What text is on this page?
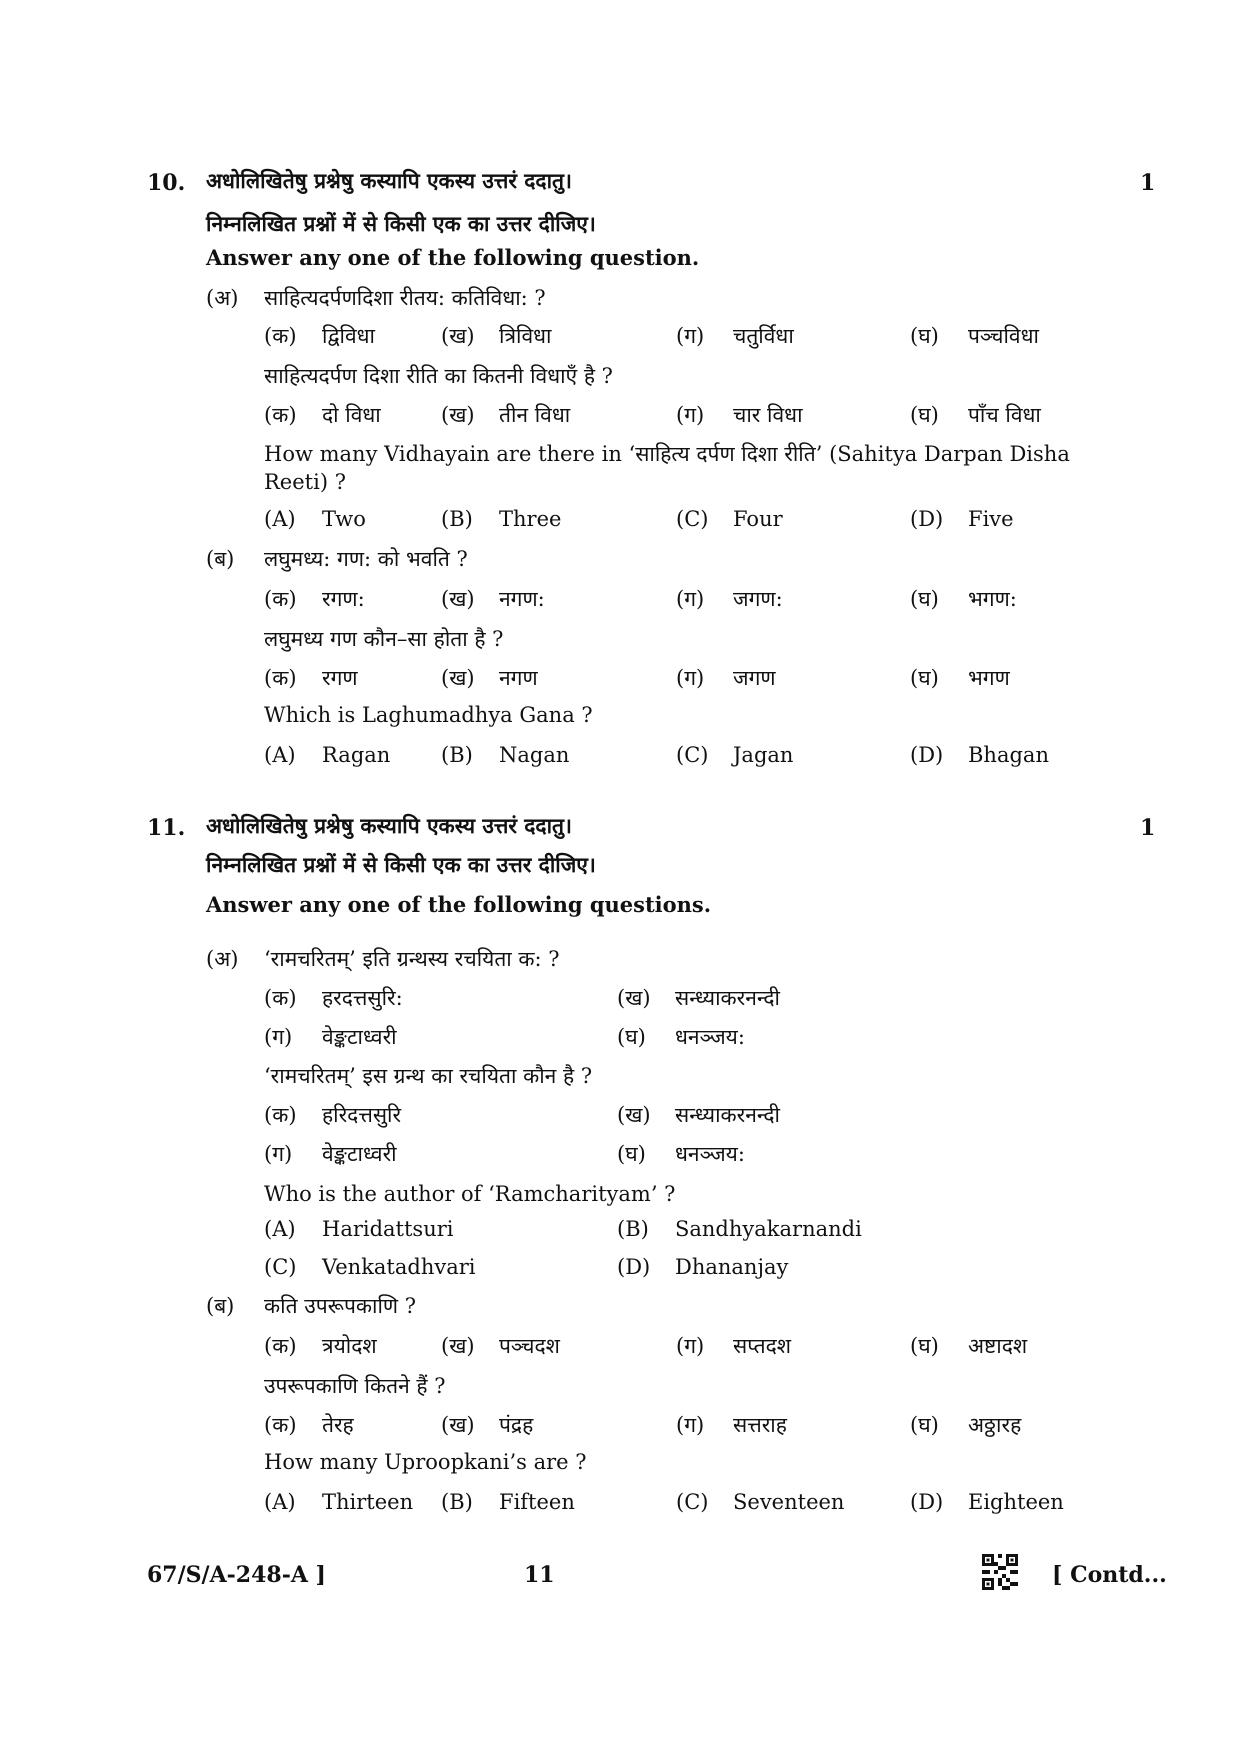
10.	1
अधोलिखितेषु प्रश्नेषु कस्यापि एकस्य उत्तरं ददातु।
निम्नलिखित प्रश्नों में से किसी एक का उत्तर दीजिए।
Answer any one of the following question.
(अ) साहित्यदर्पणदिशा रीतय: कतिविधा: ?
(क) द्विविधा	(ख) त्रिविधा	(ग) चतुर्विधा	(घ) पञ्चविधा
साहित्यदर्पण दिशा रीति का कितनी विधाएँ है ?
(क) दो विधा	(ख) तीन विधा	(ग) चार विधा	(घ) पाँच विधा
How many Vidhayain are there in ‘साहित्य दर्पण दिशा रीति’ (Sahitya Darpan Disha
Reeti) ?
(A) Two	(B) Three	(C) Four	(D) Five
(ब) लघुमध्य: गण: को भवति ?
(क) रगण:	(ख) नगण:	(ग) जगण:	(घ) भगण:
लघुमध्य गण कौन–सा होता है ?
(क) रगण	(ख) नगण	(ग) जगण	(घ) भगण
Which is Laghumadhya Gana ?
(A) Ragan (B) Nagan	(C) Jagan	(D) Bhagan
11.	1
अधोलिखितेषु प्रश्नेषु कस्यापि एकस्य उत्तरं ददातु।
निम्नलिखित प्रश्नों में से किसी एक का उत्तर दीजिए।
Answer any one of the following questions.
(अ) ‘रामचरितम्’ इति ग्रन्थस्य रचयिता क: ?
(क) हरदत्तसुरि:	(ख) सन्ध्याकरनन्दी
(ग) वेङ्कटाध्वरी	(घ) धनञ्जय:
‘रामचरितम्’ इस ग्रन्थ का रचयिता कौन है ?
(क) हरिदत्तसुरि	(ख) सन्ध्याकरनन्दी
(ग) वेङ्कटाध्वरी	(घ) धनञ्जय:
Who is the author of ‘Ramcharityam’ ?
(A) Haridattsuri	(B) Sandhyakarnandi
(C) Venkatadhvari	(D) Dhananjay
(ब) कति उपरूपकाणि ?
(क) त्रयोदश	(ख) पञ्चदश	(ग) सप्तदश	(घ) अष्टादश
उपरूपकाणि कितने हैं ?
(क) तेरह	(ख) पंद्रह	(ग) सत्तराह	(घ) अठ्ठारह
How many Uproopkani’s are ?
(A) Thirteen (B) Fifteen	(C) Seventeen	(D) Eighteen
67/S/A-248-A ]	11	[ Contd...
